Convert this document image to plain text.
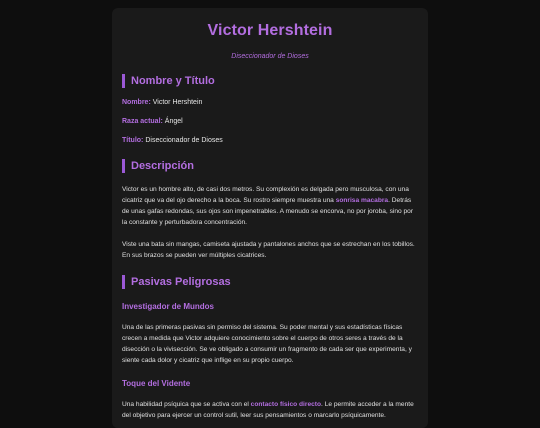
Victor Hershtein
Diseccionador de Dioses
Nombre y Título
Nombre: Victor Hershtein
Raza actual: Ángel
Título: Diseccionador de Dioses
Descripción
Victor es un hombre alto, de casi dos metros. Su complexión es delgada pero musculosa, con una cicatriz que va del ojo derecho a la boca. Su rostro siempre muestra una sonrisa macabra. Detrás de unas gafas redondas, sus ojos son impenetrables. A menudo se encorva, no por joroba, sino por la constante y perturbadora concentración.
Viste una bata sin mangas, camiseta ajustada y pantalones anchos que se estrechan en los tobillos. En sus brazos se pueden ver múltiples cicatrices.
Pasivas Peligrosas
Investigador de Mundos
Una de las primeras pasivas sin permiso del sistema. Su poder mental y sus estadísticas físicas crecen a medida que Victor adquiere conocimiento sobre el cuerpo de otros seres a través de la disección o la vivisección. Se ve obligado a consumir un fragmento de cada ser que experimenta, y siente cada dolor y cicatriz que inflige en su propio cuerpo.
Toque del Vidente
Una habilidad psíquica que se activa con el contacto físico directo. Le permite acceder a la mente del objetivo para ejercer un control sutil, leer sus pensamientos o marcarlo psíquicamente.
